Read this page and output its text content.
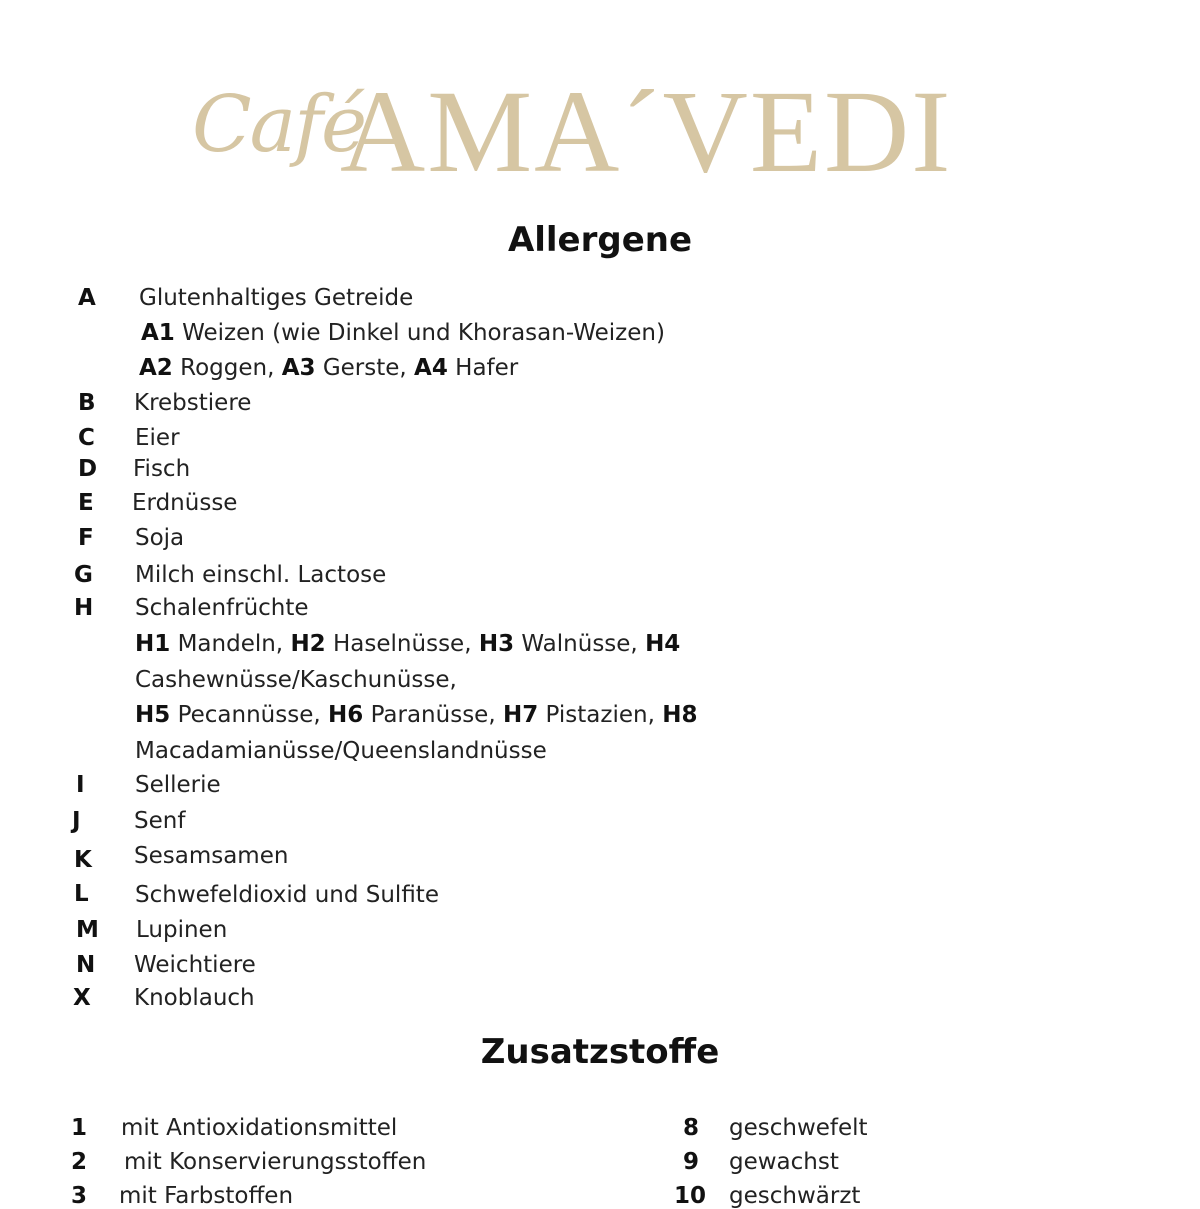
Café
AMA´VEDI
Allergene
A Glutenhaltiges Getreide
A1 Weizen (wie Dinkel und Khorasan-Weizen)
A2 Roggen, A3 Gerste, A4 Hafer
B Krebstiere
C Eier
D Fisch
E Erdnüsse
F Soja
G Milch einschl. Lactose
H Schalenfrüchte
H1 Mandeln, H2 Haselnüsse, H3 Walnüsse, H4
Cashewnüsse/Kaschunüsse,
H5 Pecannüsse, H6 Paranüsse, H7 Pistazien, H8
Macadamianüsse/Queenslandnüsse
I Sellerie
J Senf
K Sesamsamen
L Schwefeldioxid und Sulfite
M Lupinen
N Weichtiere
X Knoblauch
Zusatzstoffe
1 mit Antioxidationsmittel
2 mit Konservierungsstoffen
3 mit Farbstoffen
8 geschwefelt
9 gewachst
10 geschwärzt
